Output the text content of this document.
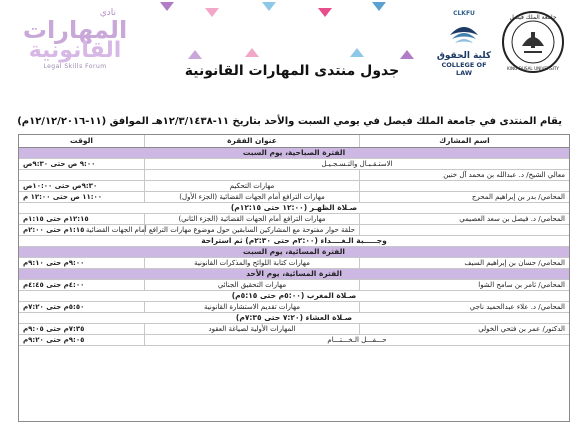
نادي
المهارات
القانونية
Legal Skills Forum
CLKFU
كلية الحقوق
COLLEGE OF LAW
جامعة الملك فيصل
KING FAISAL UNIVERSITY
جدول منتدى المهارات القانونية
يقام المنتدى في جامعة الملك فيصل في يومي السبت والأحد بتاريخ ١١-١٢/٣/١٤٣٨هـ الموافق (١١-١٢/١٢/٢٠١٦م)
اسم المشارك
عنوان الفقرة
الوقت
الفترة الصباحية، يوم السبت
الاستـقـبـال والتـسـجـيـل
٩:٠٠ ص حتى ٩:٣٠ص
معالي الشيخ/ د. عبدالله بن محمد آل خنين
مهارات التحكيم
٩:٣٠ص حتى ١٠:٠٠ص
المحامي/ بدر بن إبراهيم المحرج
مهارات الترافع أمام الجهات القضائية (الجزء الأول)
١١:٠٠ ص حتى ١٢:٠٠ م
صـلاة الظهـر (١٢:٠٠ حتى ١٢:١٥م)
المحامي/ د. فيصل بن سعد العصيمي
مهارات الترافع أمام الجهات القضائية (الجزء الثاني)
١٢:١٥م حتى ١:١٥م
حلقة حوار مفتوحة مع المشاركين السابقين حول موضوع مهارات الترافع أمام الجهات القضائية
١:١٥م حتى ٢:٠٠م
وجـــــبة الـغــــداء (٢:٠٠م حتى ٢:٣٠م) ثم استراحة
الفترة المسائية، يوم السبت
المحامي/ حسان بن إبراهيم السيف
مهارات كتابة اللوائح والمذكرات القانونية
٩:٠٠م حتى ٩:١٠م
الفترة المسائية، يوم الأحد
المحامي/ ثامر بن سامح الشوا
مهارات التحقيق الجنائي
٤:٠٠م حتى ٤:٤٥م
صـلاة المغرب (٥:٠٠م حتى ٥:١٥م)
المحامي/ د. علاء عبدالحميد ناجي
مهارات تقديم الاستشارة القانونية
٥:٥٠م حتى ٧:٢٠م
صـلاة العشاء (٧:٢٠ حتى ٧:٣٥م)
الدكتور/ عمر بن فتحي الخولي
المهارات الأولية لصياغة العقود
٧:٣٥م حتى ٩:٠٥م
حـــفـــل الـخـــتـــام
٩:٠٥م حتى ٩:٢٠م
